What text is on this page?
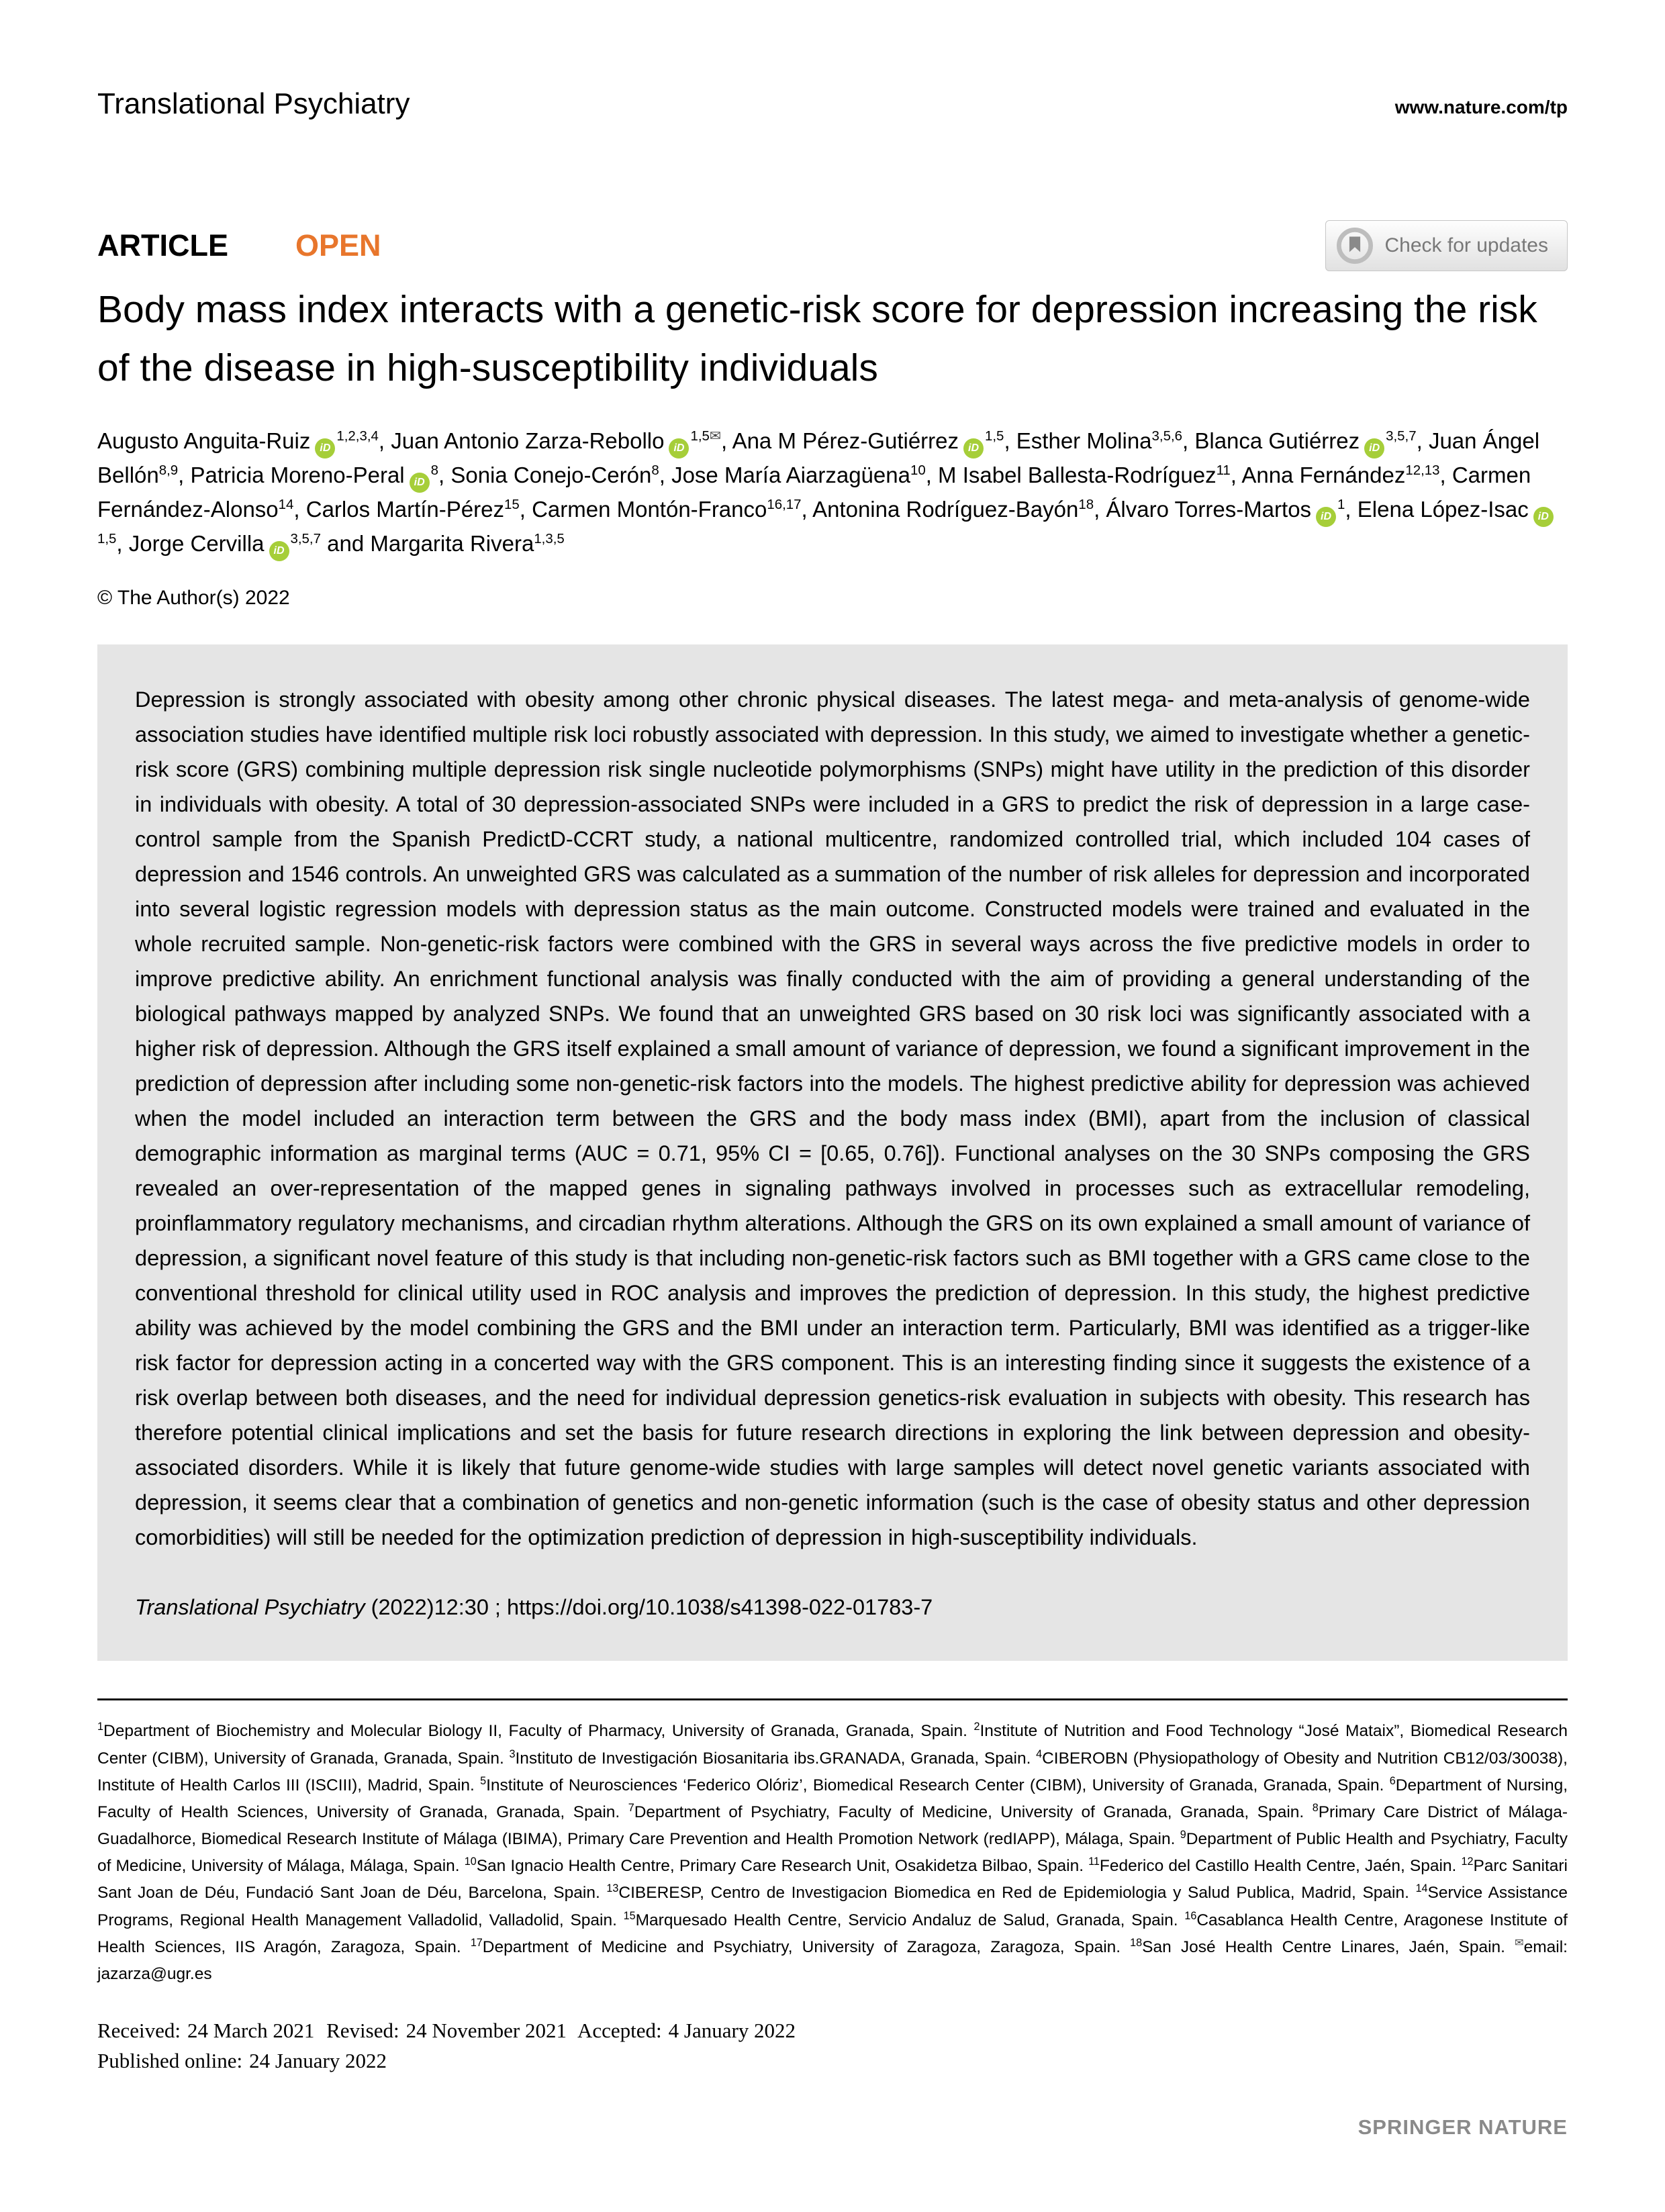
Translational Psychiatry	www.nature.com/tp
ARTICLE OPEN	Check for updates
Body mass index interacts with a genetic-risk score for depression increasing the risk of the disease in high-susceptibility individuals

Augusto Anguita-Ruiz iD$^{1,2,3,4}$, Juan Antonio Zarza-Rebollo $iD^{1,5✉}$, Ana M Pérez-Gutiérrez iD$^{1,5}$, Esther Molina$^{3,5,6}$, Blanca Gutiérrez iD$^{3,5,7}$, Juan Ángel Bellón$^{8,9}$, Patricia Moreno-Peral $iD^8$, Sonia Conejo-Cerón$^8$, Jose María Aiarzagüena$^{10}$, M Isabel Ballesta-Rodríguez$^{11}$, Anna Fernández$^{12,13}$, Carmen Fernández-Alonso$^{14}$, Carlos Martín-Pérez$^{15}$, Carmen Montón-Franco$^{16,17}$, Antonina Rodríguez-Bayón$^{18}$, Álvaro Torres-Martos $iD^1$, Elena López-Isac iD$^{1,5}$, Jorge Cervilla iD$^{3,5,7}$ and Margarita Rivera$^{1,3,5}$

© The Author(s) 2022

Depression is strongly associated with obesity among other chronic physical diseases. The latest mega- and meta-analysis of genome-wide association studies have identified multiple risk loci robustly associated with depression. In this study, we aimed to investigate whether a genetic-risk score (GRS) combining multiple depression risk single nucleotide polymorphisms (SNPs) might have utility in the prediction of this disorder in individuals with obesity. A total of 30 depression-associated SNPs were included in a GRS to predict the risk of depression in a large case-control sample from the Spanish PredictD-CCRT study, a national multicentre, randomized controlled trial, which included 104 cases of depression and 1546 controls. An unweighted GRS was calculated as a summation of the number of risk alleles for depression and incorporated into several logistic regression models with depression status as the main outcome. Constructed models were trained and evaluated in the whole recruited sample. Non-genetic-risk factors were combined with the GRS in several ways across the five predictive models in order to improve predictive ability. An enrichment functional analysis was finally conducted with the aim of providing a general understanding of the biological pathways mapped by analyzed SNPs. We found that an unweighted GRS based on 30 risk loci was significantly associated with a higher risk of depression. Although the GRS itself explained a small amount of variance of depression, we found a significant improvement in the prediction of depression after including some non-genetic-risk factors into the models. The highest predictive ability for depression was achieved when the model included an interaction term between the GRS and the body mass index (BMI), apart from the inclusion of classical demographic information as marginal terms (AUC = 0.71, 95% CI = [0.65, 0.76]). Functional analyses on the 30 SNPs composing the GRS revealed an over-representation of the mapped genes in signaling pathways involved in processes such as extracellular remodeling, proinflammatory regulatory mechanisms, and circadian rhythm alterations. Although the GRS on its own explained a small amount of variance of depression, a significant novel feature of this study is that including non-genetic-risk factors such as BMI together with a GRS came close to the conventional threshold for clinical utility used in ROC analysis and improves the prediction of depression. In this study, the highest predictive ability was achieved by the model combining the GRS and the BMI under an interaction term. Particularly, BMI was identified as a trigger-like risk factor for depression acting in a concerted way with the GRS component. This is an interesting finding since it suggests the existence of a risk overlap between both diseases, and the need for individual depression genetics-risk evaluation in subjects with obesity. This research has therefore potential clinical implications and set the basis for future research directions in exploring the link between depression and obesity-associated disorders. While it is likely that future genome-wide studies with large samples will detect novel genetic variants associated with depression, it seems clear that a combination of genetics and non-genetic information (such is the case of obesity status and other depression comorbidities) will still be needed for the optimization prediction of depression in high-susceptibility individuals.

Translational Psychiatry (2022)12:30 ; https://doi.org/10.1038/s41398-022-01783-7

$^1$Department of Biochemistry and Molecular Biology II, Faculty of Pharmacy, University of Granada, Granada, Spain. $^2$Institute of Nutrition and Food Technology “José Mataix”, Biomedical Research Center (CIBM), University of Granada, Granada, Spain. $^3$Instituto de Investigación Biosanitaria ibs.GRANADA, Granada, Spain. $^4$CIBEROBN (Physiopathology of Obesity and Nutrition CB12/03/30038), Institute of Health Carlos III (ISCIII), Madrid, Spain. $^5$Institute of Neurosciences ‘Federico Olóriz’, Biomedical Research Center (CIBM), University of Granada, Granada, Spain. $^6$Department of Nursing, Faculty of Health Sciences, University of Granada, Granada, Spain. $^7$Department of Psychiatry, Faculty of Medicine, University of Granada, Granada, Spain. $^8$Primary Care District of Málaga-Guadalhorce, Biomedical Research Institute of Málaga (IBIMA), Primary Care Prevention and Health Promotion Network (redIAPP), Málaga, Spain. $^9$Department of Public Health and Psychiatry, Faculty of Medicine, University of Málaga, Málaga, Spain. $^{10}$San Ignacio Health Centre, Primary Care Research Unit, Osakidetza Bilbao, Spain. $^{11}$Federico del Castillo Health Centre, Jaén, Spain. $^{12}$Parc Sanitari Sant Joan de Déu, Fundació Sant Joan de Déu, Barcelona, Spain. $^{13}$CIBERESP, Centro de Investigacion Biomedica en Red de Epidemiologia y Salud Publica, Madrid, Spain. $^{14}$Service Assistance Programs, Regional Health Management Valladolid, Valladolid, Spain. $^{15}$Marquesado Health Centre, Servicio Andaluz de Salud, Granada, Spain. $^{16}$Casablanca Health Centre, Aragonese Institute of Health Sciences, IIS Aragón, Zaragoza, Spain. $^{17}$Department of Medicine and Psychiatry, University of Zaragoza, Zaragoza, Spain. $^{18}$San José Health Centre Linares, Jaén, Spain. ✉email: jazarza@ugr.es

Received: 24 March 2021 Revised: 24 November 2021 Accepted: 4 January 2022

Published online: 24 January 2022

SPRINGER NATURE
